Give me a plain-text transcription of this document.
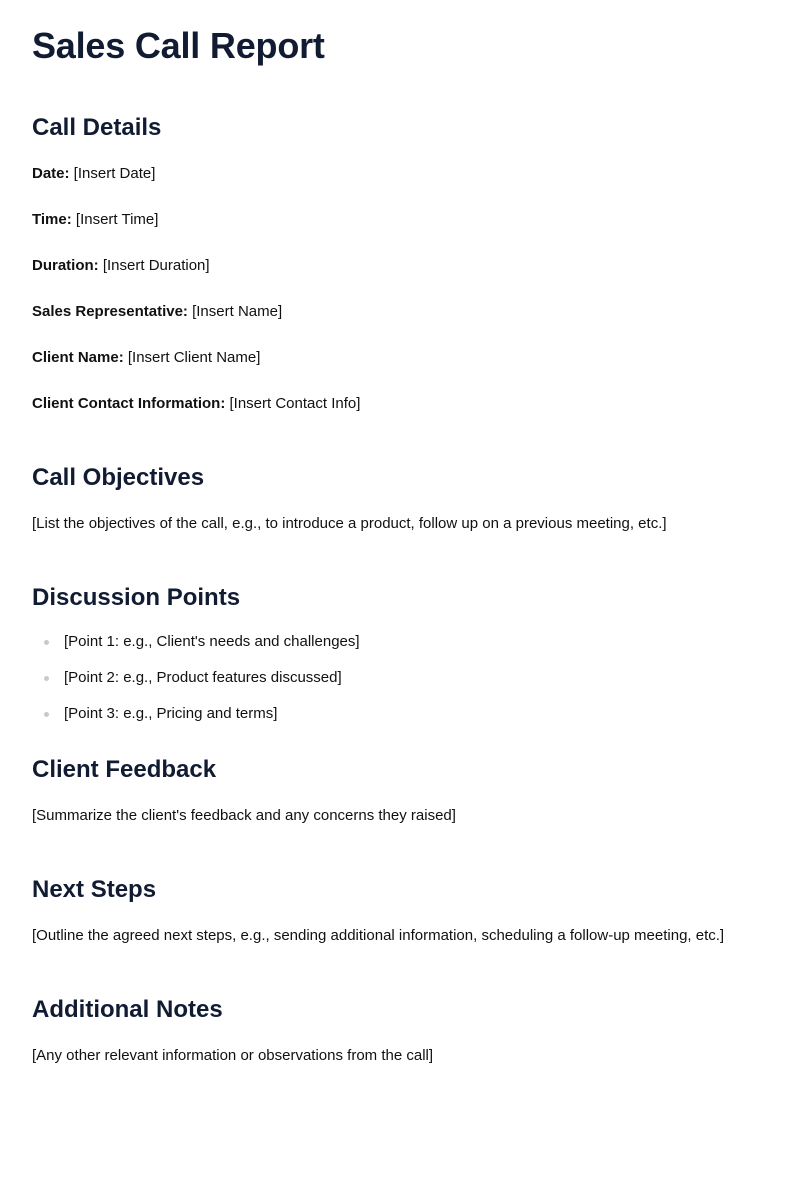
Sales Call Report
Call Details

Date: [Insert Date]

Time: [Insert Time]

Duration: [Insert Duration]

Sales Representative: [Insert Name]

Client Name: [Insert Client Name]

Client Contact Information: [Insert Contact Info]

Call Objectives

[List the objectives of the call, e.g., to introduce a product, follow up on a previous meeting, etc.]

Discussion Points
[Point 1: e.g., Client's needs and challenges]
[Point 2: e.g., Product features discussed]
[Point 3: e.g., Pricing and terms]
Client Feedback

[Summarize the client's feedback and any concerns they raised]

Next Steps

[Outline the agreed next steps, e.g., sending additional information, scheduling a follow-up meeting, etc.]

Additional Notes

[Any other relevant information or observations from the call]
